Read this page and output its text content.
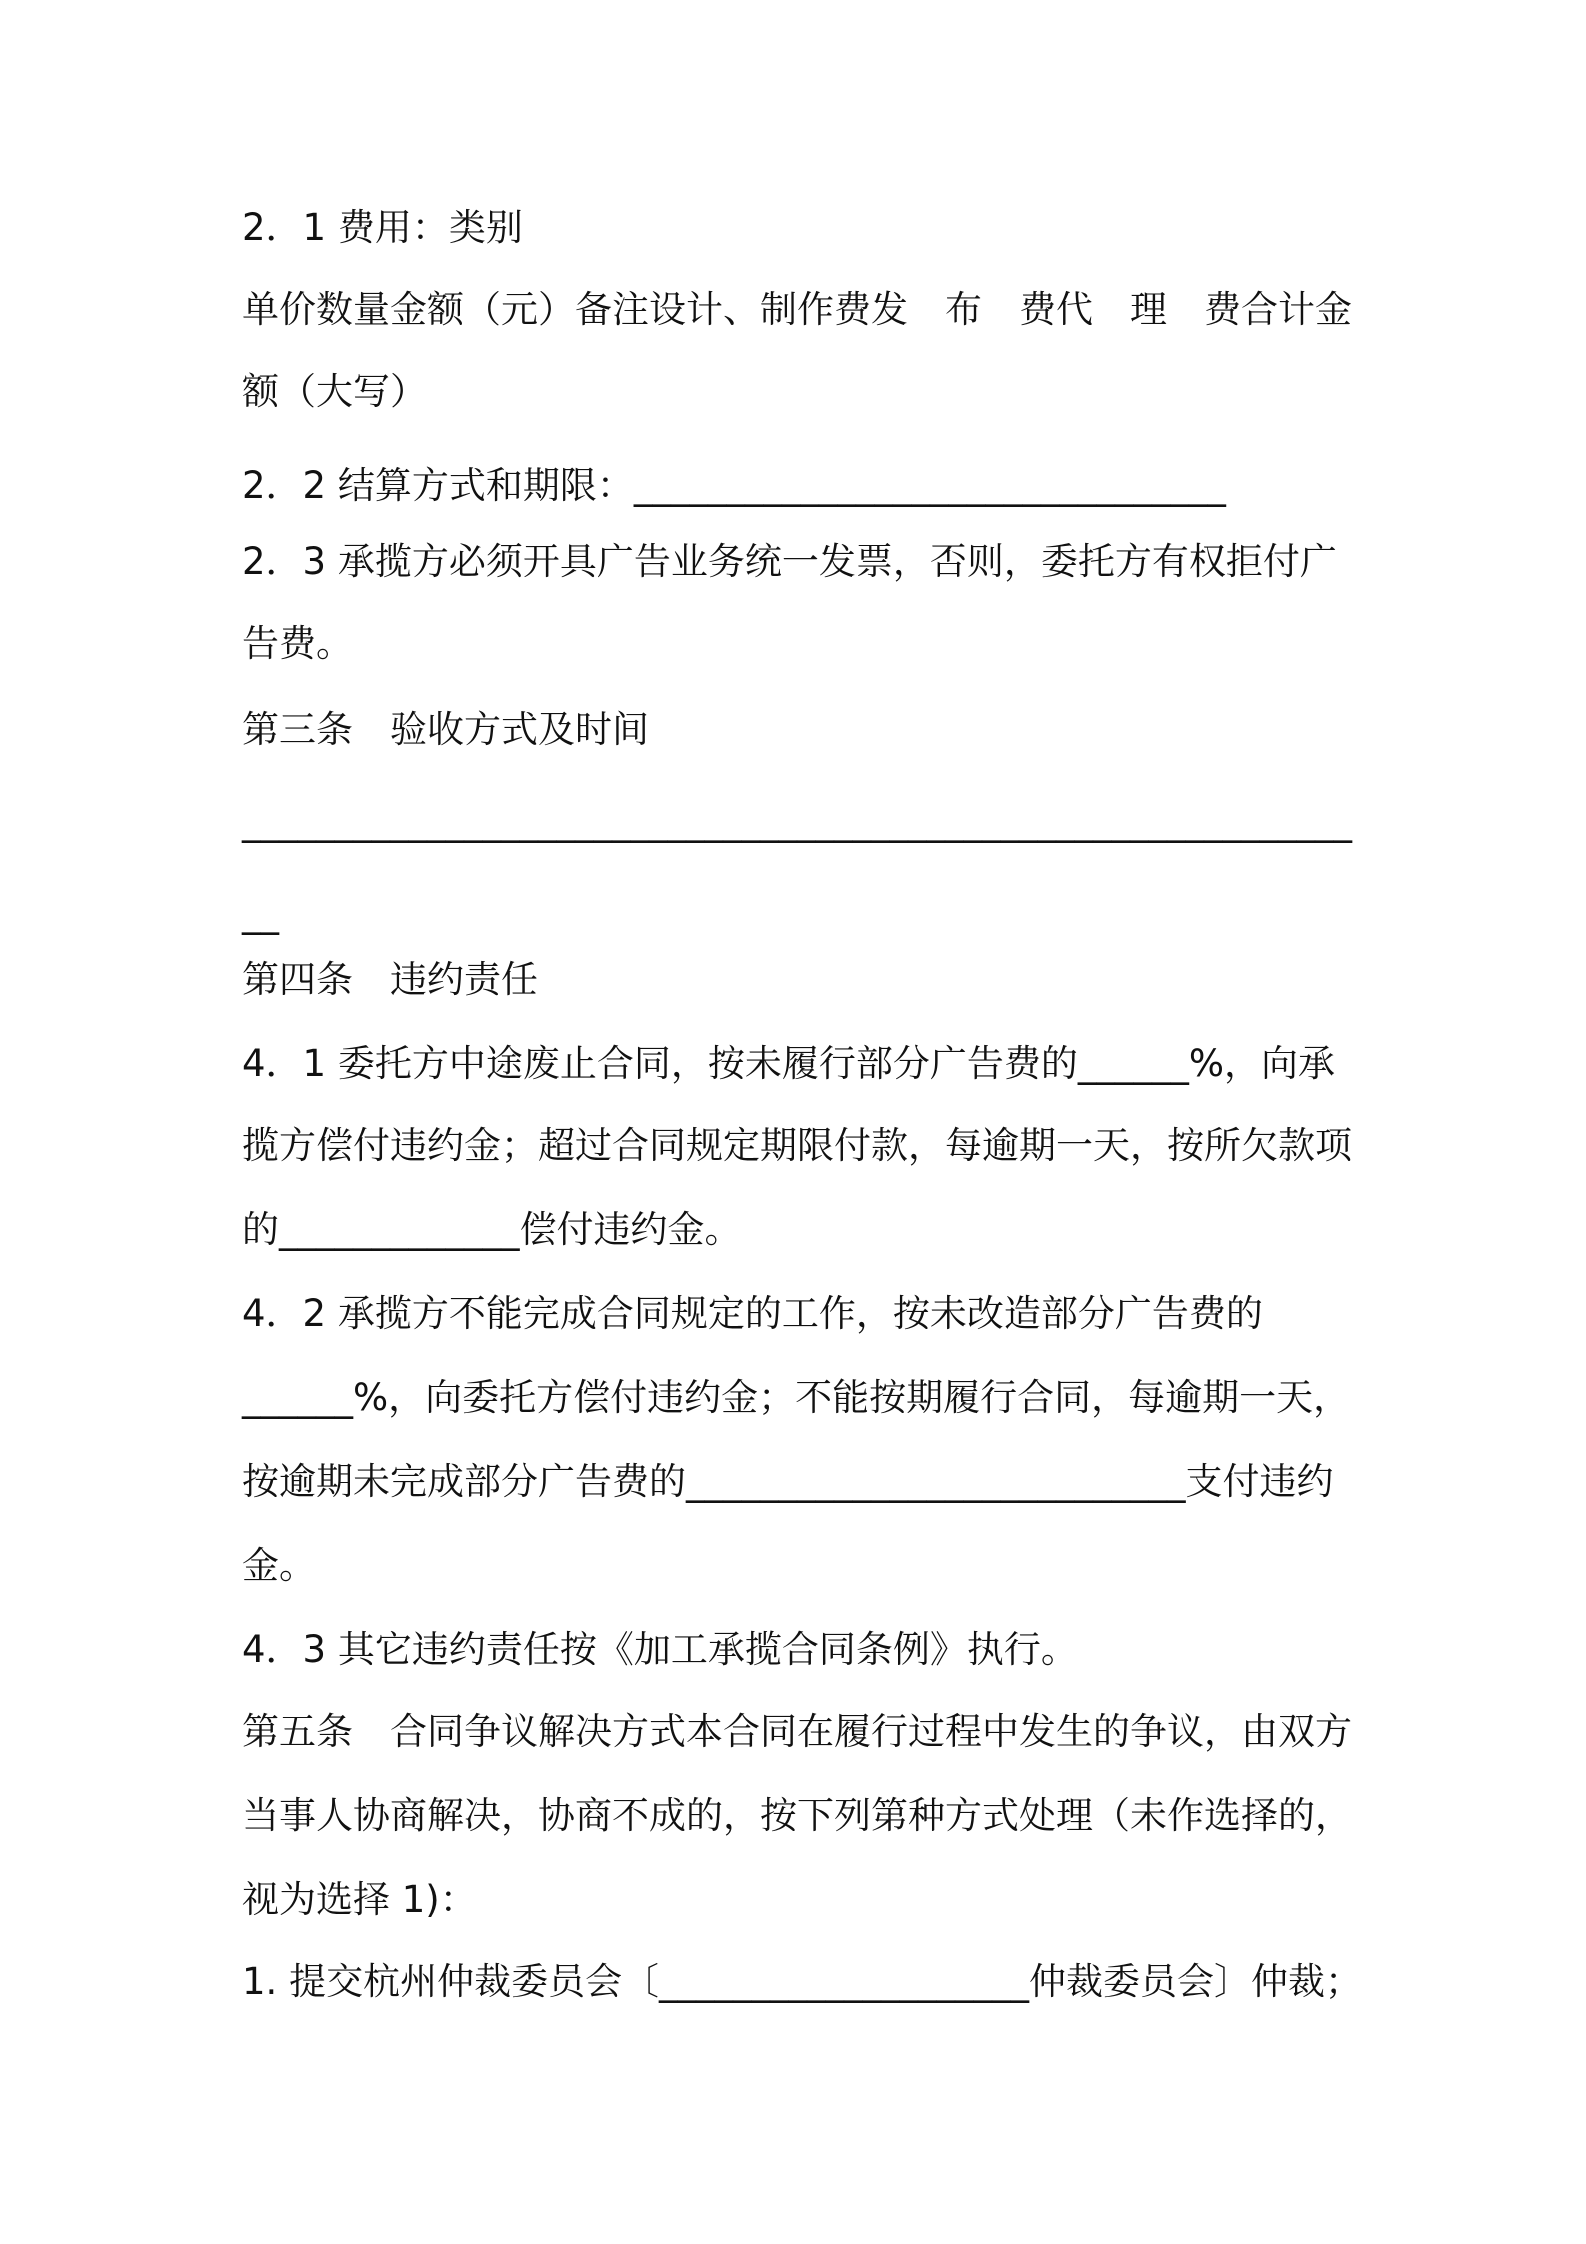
2．1 费用：类别
单价数量金额（元）备注设计、制作费发　布　费代　理　费合计金
额（大写）
2．2 结算方式和期限：________________________________
2．3 承揽方必须开具广告业务统一发票，否则，委托方有权拒付广
告费。
第三条　验收方式及时间
____________________________________________________________
__
第四条　违约责任
4．1 委托方中途废止合同，按未履行部分广告费的______%，向承
揽方偿付违约金；超过合同规定期限付款，每逾期一天，按所欠款项
的_____________偿付违约金。
4．2 承揽方不能完成合同规定的工作，按未改造部分广告费的
______%，向委托方偿付违约金；不能按期履行合同，每逾期一天，
按逾期未完成部分广告费的___________________________支付违约
金。
4．3 其它违约责任按《加工承揽合同条例》执行。
第五条　合同争议解决方式本合同在履行过程中发生的争议，由双方
当事人协商解决，协商不成的，按下列第种方式处理（未作选择的，
视为选择 1)：
1. 提交杭州仲裁委员会〔____________________仲裁委员会〕仲裁；
